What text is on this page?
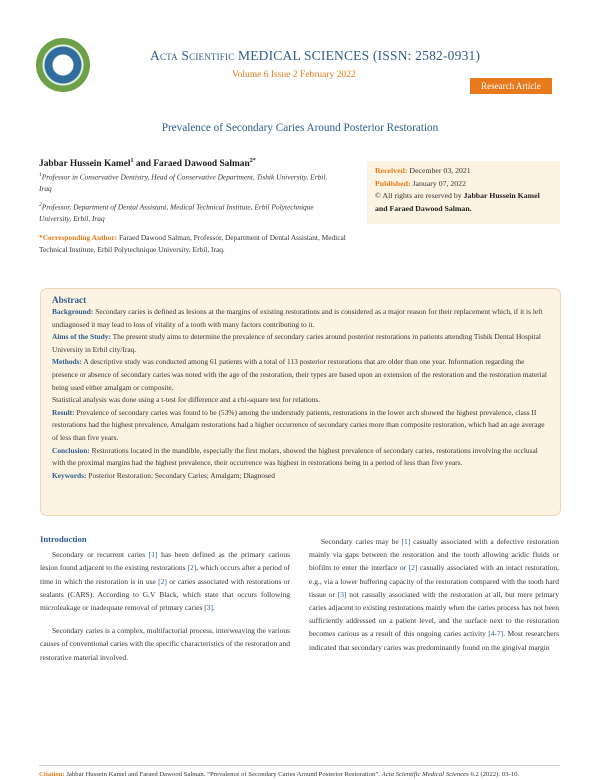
Acta Scientific MEDICAL SCIENCES (ISSN: 2582-0931)
Volume 6 Issue 2 February 2022
Research Article
Prevalence of Secondary Caries Around Posterior Restoration
Jabbar Hussein Kamel$^1$ and Faraed Dawood Salman$^{2*}$
$^1$Professor in Conservative Dentistry, Head of Conservative Department, Tishik University, Erbil, Iraq
$^2$Professor, Department of Dental Assistant, Medical Technical Institute, Erbil Polytechnique University, Erbil, Iraq
*Corresponding Author: Faraed Dawood Salman, Professor, Department of Dental Assistant, Medical Technical Institute, Erbil Polytechnique University, Erbil, Iraq.
Received: December 03, 2021
Published: January 07, 2022
© All rights are reserved by Jabbar Hussein Kamel and Faraed Dawood Salman.
Abstract

Background: Secondary caries is defined as lesions at the margins of existing restorations and is considered as a major reason for their replacement which, if it is left undiagnosed it may lead to loss of vitality of a tooth with many factors contributing to it.

Aims of the Study: The present study aims to determine the prevalence of secondary caries around posterior restorations in patients attending Tishik Dental Hospital University in Erbil city/Iraq.

Methods: A descriptive study was conducted among 61 patients with a total of 113 posterior restorations that are older than one year. Information regarding the presence or absence of secondary caries was noted with the age of the restoration, their types are based upon an extension of the restoration and the restoration material being used either amalgam or composite.

Statistical analysis was done using a t-test for difference and a chi-square test for relations.

Result: Prevalence of secondary caries was found to be (53%) among the understudy patients, restorations in the lower arch showed the highest prevalence, class II restorations had the highest prevalence, Amalgam restorations had a higher occurrence of secondary caries more than composite restoration, which had an age average of less than five years.

Conclusion: Restorations located in the mandible, especially the first molars, showed the highest prevalence of secondary caries, restorations involving the occlusal with the proximal margins had the highest prevalence, their occurrence was highest in restorations being in a period of less than five years.

Keywords: Posterior Restoration; Secondary Caries; Amalgam; Diagnosed

Introduction

Secondary or recurrent caries [1] has been defined as the primary carious lesion found adjacent to the existing restorations [2], which occurs after a period of time in which the restoration is in use [2] or caries associated with restorations or sealants (CARS). According to G.V Black, which state that occurs following microleakage or inadequate removal of primary caries [3].

Secondary caries is a complex, multifactorial process, interweaving the various causes of conventional caries with the specific characteristics of the restoration and restorative material involved.

Secondary caries may be [1] casually associated with a defective restoration mainly via gaps between the restoration and the tooth allowing acidic fluids or biofilm to enter the interface or [2] casually associated with an intact restoration, e.g., via a lower buffering capacity of the restoration compared with the tooth hard tissue or [3] not casually associated with the restoration at all, but mere primary caries adjacent to existing restorations mainly when the caries process has not been sufficiently addressed on a patient level, and the surface next to the restoration becomes carious as a result of this ongoing caries activity [4-7]. Most researchers indicated that secondary caries was predominantly found on the gingival margin

Citation: Jabbar Hussein Kamel and Faraed Dawood Salman. “Prevalence of Secondary Caries Around Posterior Restoration”. Acta Scientific Medical Sciences 6.2 (2022): 03-10.
